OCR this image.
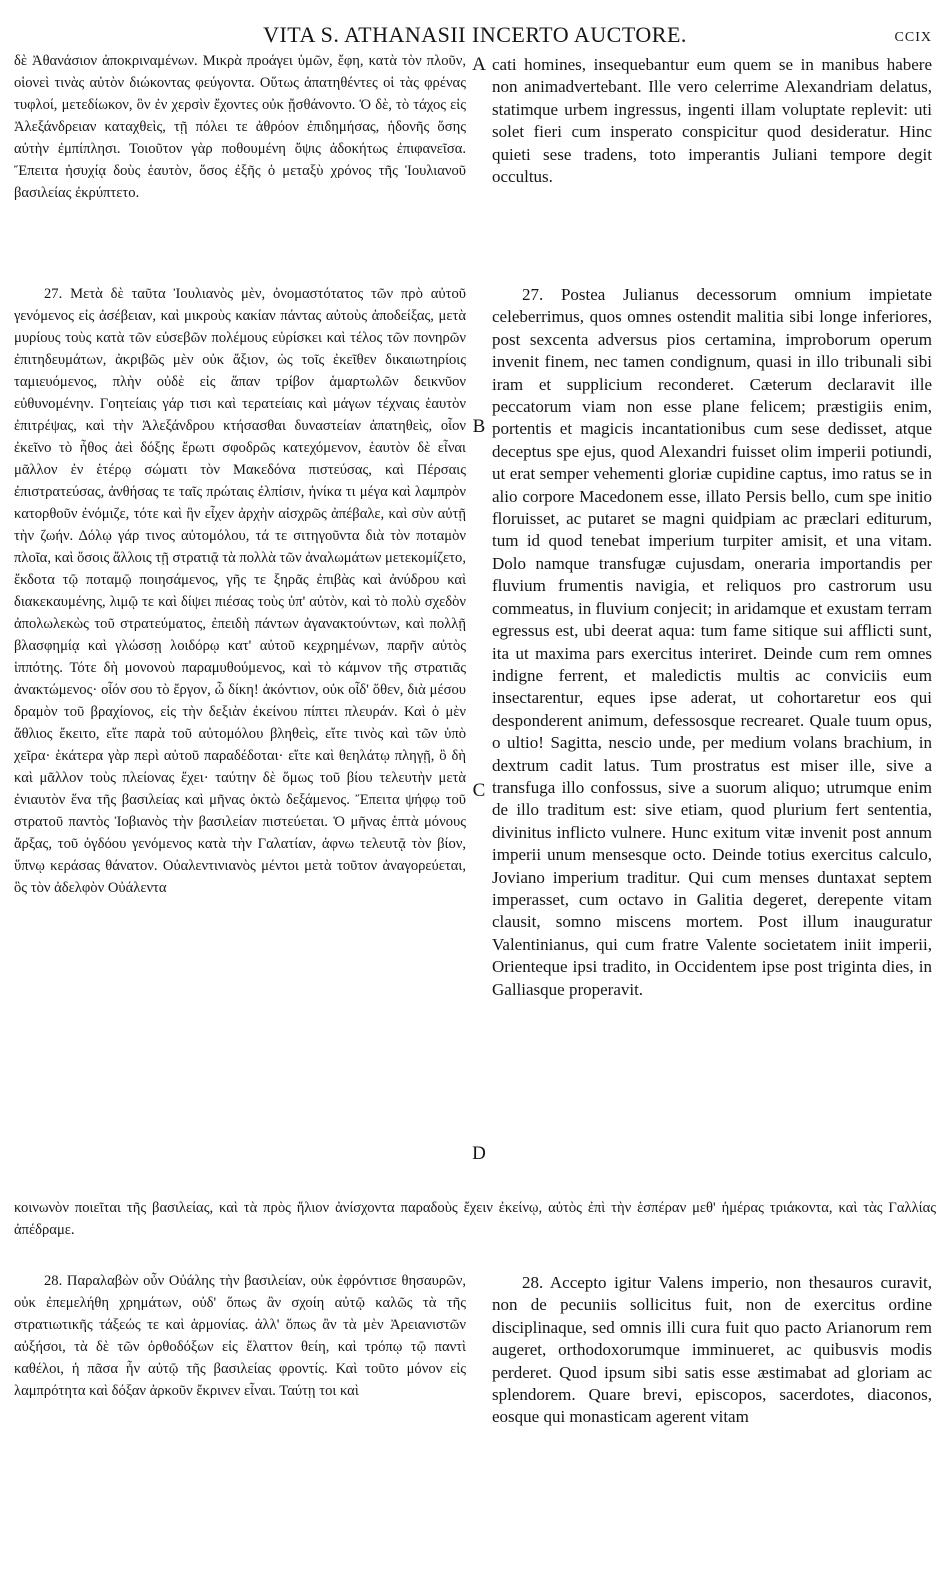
VITA S. ATHANASII INCERTO AUCTORE.	CCIX

δὲ Ἀθανάσιον ἀποκριναμένων. Μικρὰ προάγει ὑμῶν, ἔφη, κατὰ τὸν πλοῦν, οἱονεὶ τινὰς αὐτὸν διώκοντας φεύγοντα. Οὕτως ἀπατηθέντες οἱ τὰς φρένας τυφλοί, μετεδίωκον, ὃν ἐν χερσὶν ἔχοντες οὐκ ᾔσθάνοντο. Ὁ δὲ, τὸ τάχος εἰς Ἀλεξάνδρειαν καταχθεὶς, τῇ πόλει τε ἀθρόον ἐπιδημήσας, ἡδονῆς ὅσης αὐτὴν ἐμπίπλησι. Τοιοῦτον γὰρ ποθουμένη ὄψις ἀδοκήτως ἐπιφανεῖσα. Ἔπειτα ἡσυχίᾳ δοὺς ἑαυτὸν, ὅσος ἐξῆς ὁ μεταξὺ χρόνος τῆς Ἰουλιανοῦ βασιλείας ἐκρύπτετο.

27. Μετὰ δὲ ταῦτα Ἰουλιανὸς μὲν, ὀνομαστότατος τῶν πρὸ αὐτοῦ γενόμενος εἰς ἀσέβειαν, καὶ μικροὺς κακίαν πάντας αὐτοὺς ἀποδείξας, μετὰ μυρίους τοὺς κατὰ τῶν εὐσεβῶν πολέμους εὑρίσκει καὶ τέλος τῶν πονηρῶν ἐπιτηδευμάτων, ἀκριβῶς μὲν οὐκ ἄξιον, ὡς τοῖς ἐκεῖθεν δικαιωτηρίοις ταμιευόμενος, πλὴν οὐδὲ εἰς ἅπαν τρίβον ἁμαρτωλῶν δεικνῦον εὐθυνομένην. Γοητείαις γάρ τισι καὶ τερατείαις καὶ μάγων τέχναις ἑαυτὸν ἐπιτρέψας, καὶ τὴν Ἀλεξάνδρου κτήσασθαι δυναστείαν ἀπατηθεὶς, οἷον ἐκεῖνο τὸ ἦθος ἀεὶ δόξης ἔρωτι σφοδρῶς κατεχόμενον, ἑαυτὸν δὲ εἶναι μᾶλλον ἐν ἑτέρῳ σώματι τὸν Μακεδόνα πιστεύσας, καὶ Πέρσαις ἐπιστρατεύσας, ἀνθήσας τε ταῖς πρώταις ἐλπίσιν, ἡνίκα τι μέγα καὶ λαμπρὸν κατορθοῦν ἐνόμιζε, τότε καὶ ἣν εἶχεν ἀρχὴν αἰσχρῶς ἀπέβαλε, καὶ σὺν αὐτῇ τὴν ζωήν. Δόλῳ γάρ τινος αὐτομόλου, τά τε σιτηγοῦντα διὰ τὸν ποταμὸν πλοῖα, καὶ ὅσοις ἄλλοις τῇ στρατιᾷ τὰ πολλὰ τῶν ἀναλωμάτων μετεκομίζετο, ἔκδοτα τῷ ποταμῷ ποιησάμενος, γῆς τε ξηρᾶς ἐπιβὰς καὶ ἀνύδρου καὶ διακεκαυμένης, λιμῷ τε καὶ δίψει πιέσας τοὺς ὑπ' αὐτὸν, καὶ τὸ πολὺ σχεδὸν ἀπολωλεκὼς τοῦ στρατεύματος, ἐπειδὴ πάντων ἀγανακτούντων, καὶ πολλῇ βλασφημίᾳ καὶ γλώσσῃ λοιδόρῳ κατ' αὐτοῦ κεχρημένων, παρῆν αὐτὸς ἱππότης. Τότε δὴ μονονοὺ παραμυθούμενος, καὶ τὸ κάμνον τῆς στρατιᾶς ἀνακτώμενος· οἷόν σου τὸ ἔργον, ὦ δίκη! ἀκόντιον, οὐκ οἶδ' ὅθεν, διὰ μέσου δραμὸν τοῦ βραχίονος, εἰς τὴν δεξιὰν ἐκείνου πίπτει πλευράν. Καὶ ὁ μὲν ἄθλιος ἔκειτο, εἴτε παρὰ τοῦ αὐτομόλου βληθεὶς, εἴτε τινὸς καὶ τῶν ὑπὸ χεῖρα· ἑκάτερα γὰρ περὶ αὐτοῦ παραδέδοται· εἴτε καὶ θεηλάτῳ πληγῇ, ὃ δὴ καὶ μᾶλλον τοὺς πλείονας ἔχει· ταύτην δὲ ὅμως τοῦ βίου τελευτὴν μετὰ ἐνιαυτὸν ἕνα τῆς βασιλείας καὶ μῆνας ὀκτὼ δεξάμενος. Ἔπειτα ψήφῳ τοῦ στρατοῦ παντὸς Ἰοβιανὸς τὴν βασιλείαν πιστεύεται. Ὁ μῆνας ἑπτὰ μόνους ἄρξας, τοῦ ὀγδόου γενόμενος κατὰ τὴν Γαλατίαν, ἀφνω τελευτᾷ τὸν βίον, ὕπνῳ κεράσας θάνατον. Οὐαλεντινιανὸς μέντοι μετὰ τοῦτον ἀναγορεύεται, ὃς τὸν ἀδελφὸν Οὐάλεντα

κοινωνὸν ποιεῖται τῆς βασιλείας, καὶ τὰ πρὸς ἥλιον ἀνίσχοντα παραδοὺς ἔχειν ἐκείνῳ, αὐτὸς ἐπὶ τὴν ἑσπέραν μεθ' ἡμέρας τριάκοντα, καὶ τὰς Γαλλίας ἀπέδραμε.

28. Παραλαβὼν οὖν Οὐάλης τὴν βασιλείαν, οὐκ ἐφρόντισε θησαυρῶν, οὐκ ἐπεμελήθη χρημάτων, οὐδ' ὅπως ἂν σχοίη αὐτῷ καλῶς τὰ τῆς στρατιωτικῆς τάξεώς τε καὶ ἁρμονίας. ἀλλ' ὅπως ἂν τὰ μὲν Ἀρειανιστῶν αὐξήσοι, τὰ δὲ τῶν ὀρθοδόξων εἰς ἔλαττον θείη, καὶ τρόπῳ τῷ παντὶ καθέλοι, ἡ πᾶσα ἦν αὐτῷ τῆς βασιλείας φροντίς. Καὶ τοῦτο μόνον εἰς λαμπρότητα καὶ δόξαν ἀρκοῦν ἔκρινεν εἶναι. Ταύτῃ τοι καὶ

cati homines, insequebantur eum quem se in manibus habere non animadvertebant. Ille vero celerrime Alexandriam delatus, statimque urbem ingressus, ingenti illam voluptate replevit: uti solet fieri cum insperato conspicitur quod desideratur. Hinc quieti sese tradens, toto imperantis Juliani tempore degit occultus.

27. Postea Julianus decessorum omnium impietate celeberrimus, quos omnes ostendit malitia sibi longe inferiores, post sexcenta adversus pios certamina, improborum operum invenit finem, nec tamen condignum, quasi in illo tribunali sibi iram et supplicium reconderet. Cæterum declaravit ille peccatorum viam non esse plane felicem; præstigiis enim, portentis et magicis incantationibus cum sese dedisset, atque deceptus spe ejus, quod Alexandri fuisset olim imperii potiundi, ut erat semper vehementi gloriæ cupidine captus, imo ratus se in alio corpore Macedonem esse, illato Persis bello, cum spe initio floruisset, ac putaret se magni quidpiam ac præclari editurum, tum id quod tenebat imperium turpiter amisit, et una vitam. Dolo namque transfugæ cujusdam, oneraria importandis per fluvium frumentis navigia, et reliquos pro castrorum usu commeatus, in fluvium conjecit; in aridamque et exustam terram egressus est, ubi deerat aqua: tum fame sitique sui afflicti sunt, ita ut maxima pars exercitus interiret. Deinde cum rem omnes indigne ferrent, et maledictis multis ac conviciis eum insectarentur, eques ipse aderat, ut cohortaretur eos qui desponderent animum, defessosque recrearet. Quale tuum opus, o ultio! Sagitta, nescio unde, per medium volans brachium, in dextrum cadit latus. Tum prostratus est miser ille, sive a transfuga illo confossus, sive a suorum aliquo; utrumque enim de illo traditum est: sive etiam, quod plurium fert sententia, divinitus inflicto vulnere. Hunc exitum vitæ invenit post annum imperii unum mensesque octo. Deinde totius exercitus calculo, Joviano imperium traditur. Qui cum menses duntaxat septem imperasset, cum octavo in Galitia degeret, derepente vitam clausit, somno miscens mortem. Post illum inauguratur Valentinianus, qui cum fratre Valente societatem iniit imperii, Orienteque ipsi tradito, in Occidentem ipse post triginta dies, in Galliasque properavit.

28. Accepto igitur Valens imperio, non thesauros curavit, non de pecuniis sollicitus fuit, non de exercitus ordine disciplinaque, sed omnis illi cura fuit quo pacto Arianorum rem augeret, orthodoxorumque imminueret, ac quibusvis modis perderet. Quod ipsum sibi satis esse æstimabat ad gloriam ac splendorem. Quare brevi, episcopos, sacerdotes, diaconos, eosque qui monasticam agerent vitam

A
B
C
D
